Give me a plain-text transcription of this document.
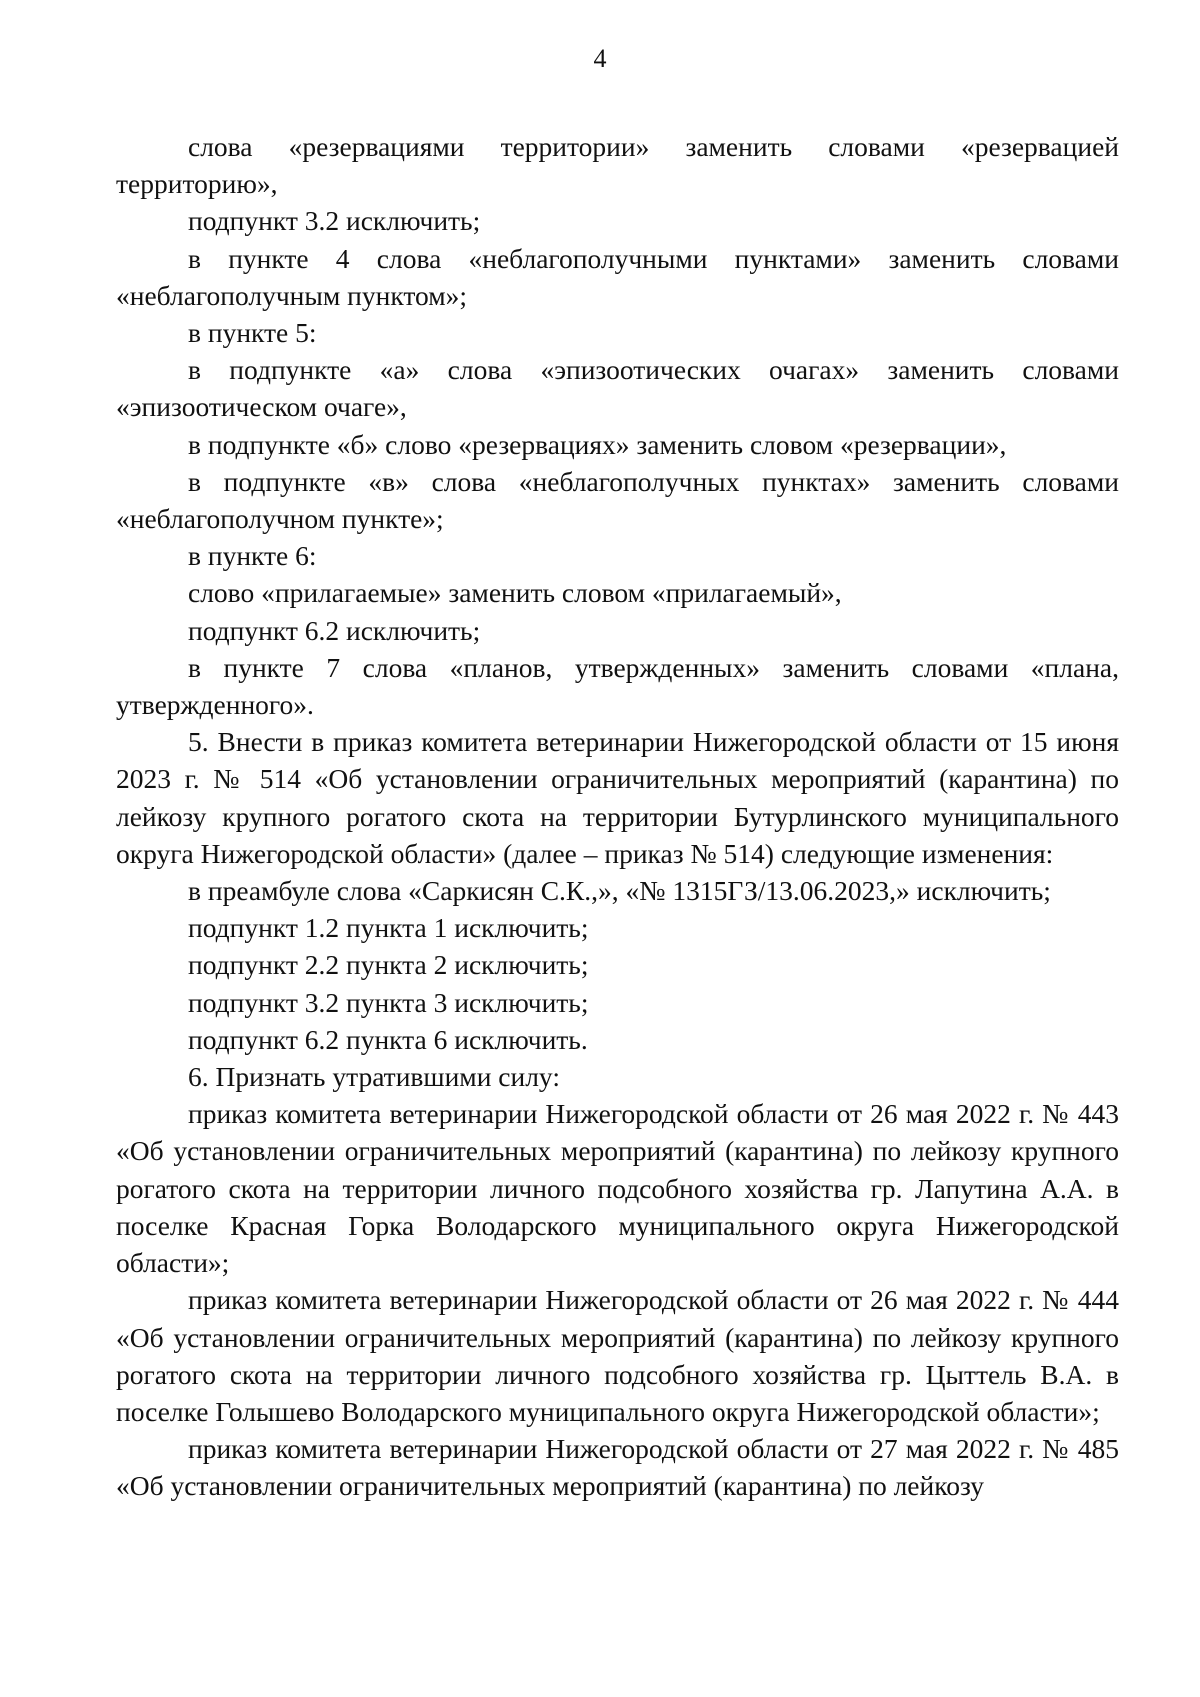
4

слова «резервациями территории» заменить словами «резервацией территорию»,

подпункт 3.2 исключить;

в пункте 4 слова «неблагополучными пунктами» заменить словами «неблагополучным пунктом»;

в пункте 5:

в подпункте «а» слова «эпизоотических очагах» заменить словами «эпизоотическом очаге»,

в подпункте «б» слово «резервациях» заменить словом «резервации»,

в подпункте «в» слова «неблагополучных пунктах» заменить словами «неблагополучном пункте»;

в пункте 6:

слово «прилагаемые» заменить словом «прилагаемый»,

подпункт 6.2 исключить;

в пункте 7 слова «планов, утвержденных» заменить словами «плана, утвержденного».

5. Внести в приказ комитета ветеринарии Нижегородской области от 15 июня 2023 г. № 514 «Об установлении ограничительных мероприятий (карантина) по лейкозу крупного рогатого скота на территории Бутурлинского муниципального округа Нижегородской области» (далее – приказ № 514) следующие изменения:

в преамбуле слова «Саркисян С.К.,», «№ 1315ГЗ/13.06.2023,» исключить;

подпункт 1.2 пункта 1 исключить;

подпункт 2.2 пункта 2 исключить;

подпункт 3.2 пункта 3 исключить;

подпункт 6.2 пункта 6 исключить.

6. Признать утратившими силу:

приказ комитета ветеринарии Нижегородской области от 26 мая 2022 г. № 443 «Об установлении ограничительных мероприятий (карантина) по лейкозу крупного рогатого скота на территории личного подсобного хозяйства гр. Лапутина А.А. в поселке Красная Горка Володарского муниципального округа Нижегородской области»;

приказ комитета ветеринарии Нижегородской области от 26 мая 2022 г. № 444 «Об установлении ограничительных мероприятий (карантина) по лейкозу крупного рогатого скота на территории личного подсобного хозяйства гр. Цыттель В.А. в поселке Голышево Володарского муниципального округа Нижегородской области»;

приказ комитета ветеринарии Нижегородской области от 27 мая 2022 г. № 485 «Об установлении ограничительных мероприятий (карантина) по лейкозу
